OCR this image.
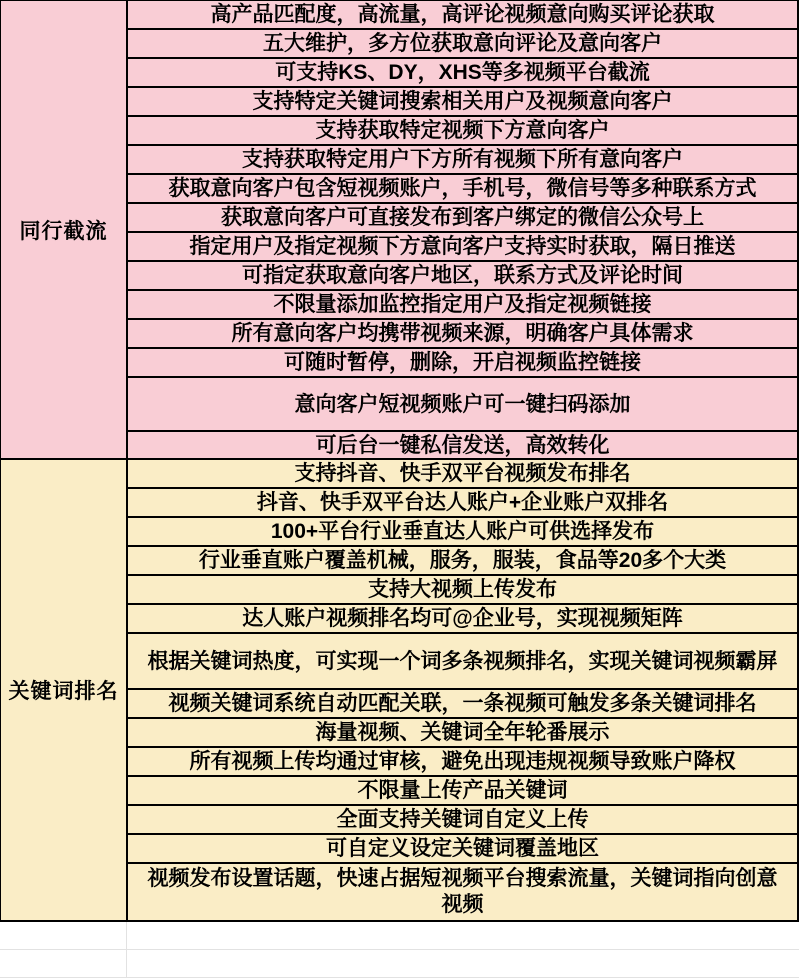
同行截流
高产品匹配度，高流量，高评论视频意向购买评论获取
五大维护，多方位获取意向评论及意向客户
可支持KS、DY，XHS等多视频平台截流
支持特定关键词搜索相关用户及视频意向客户
支持获取特定视频下方意向客户
支持获取特定用户下方所有视频下所有意向客户
获取意向客户包含短视频账户，手机号，微信号等多种联系方式
获取意向客户可直接发布到客户绑定的微信公众号上
指定用户及指定视频下方意向客户支持实时获取，隔日推送
可指定获取意向客户地区，联系方式及评论时间
不限量添加监控指定用户及指定视频链接
所有意向客户均携带视频来源，明确客户具体需求
可随时暂停，删除，开启视频监控链接
意向客户短视频账户可一键扫码添加
可后台一键私信发送，高效转化
关键词排名
支持抖音、快手双平台视频发布排名
抖音、快手双平台达人账户+企业账户双排名
100+平台行业垂直达人账户可供选择发布
行业垂直账户覆盖机械，服务，服装，食品等20多个大类
支持大视频上传发布
达人账户视频排名均可@企业号，实现视频矩阵
根据关键词热度，可实现一个词多条视频排名，实现关键词视频霸屏
视频关键词系统自动匹配关联，一条视频可触发多条关键词排名
海量视频、关键词全年轮番展示
所有视频上传均通过审核，避免出现违规视频导致账户降权
不限量上传产品关键词
全面支持关键词自定义上传
可自定义设定关键词覆盖地区
视频发布设置话题，快速占据短视频平台搜索流量，关键词指向创意视频
